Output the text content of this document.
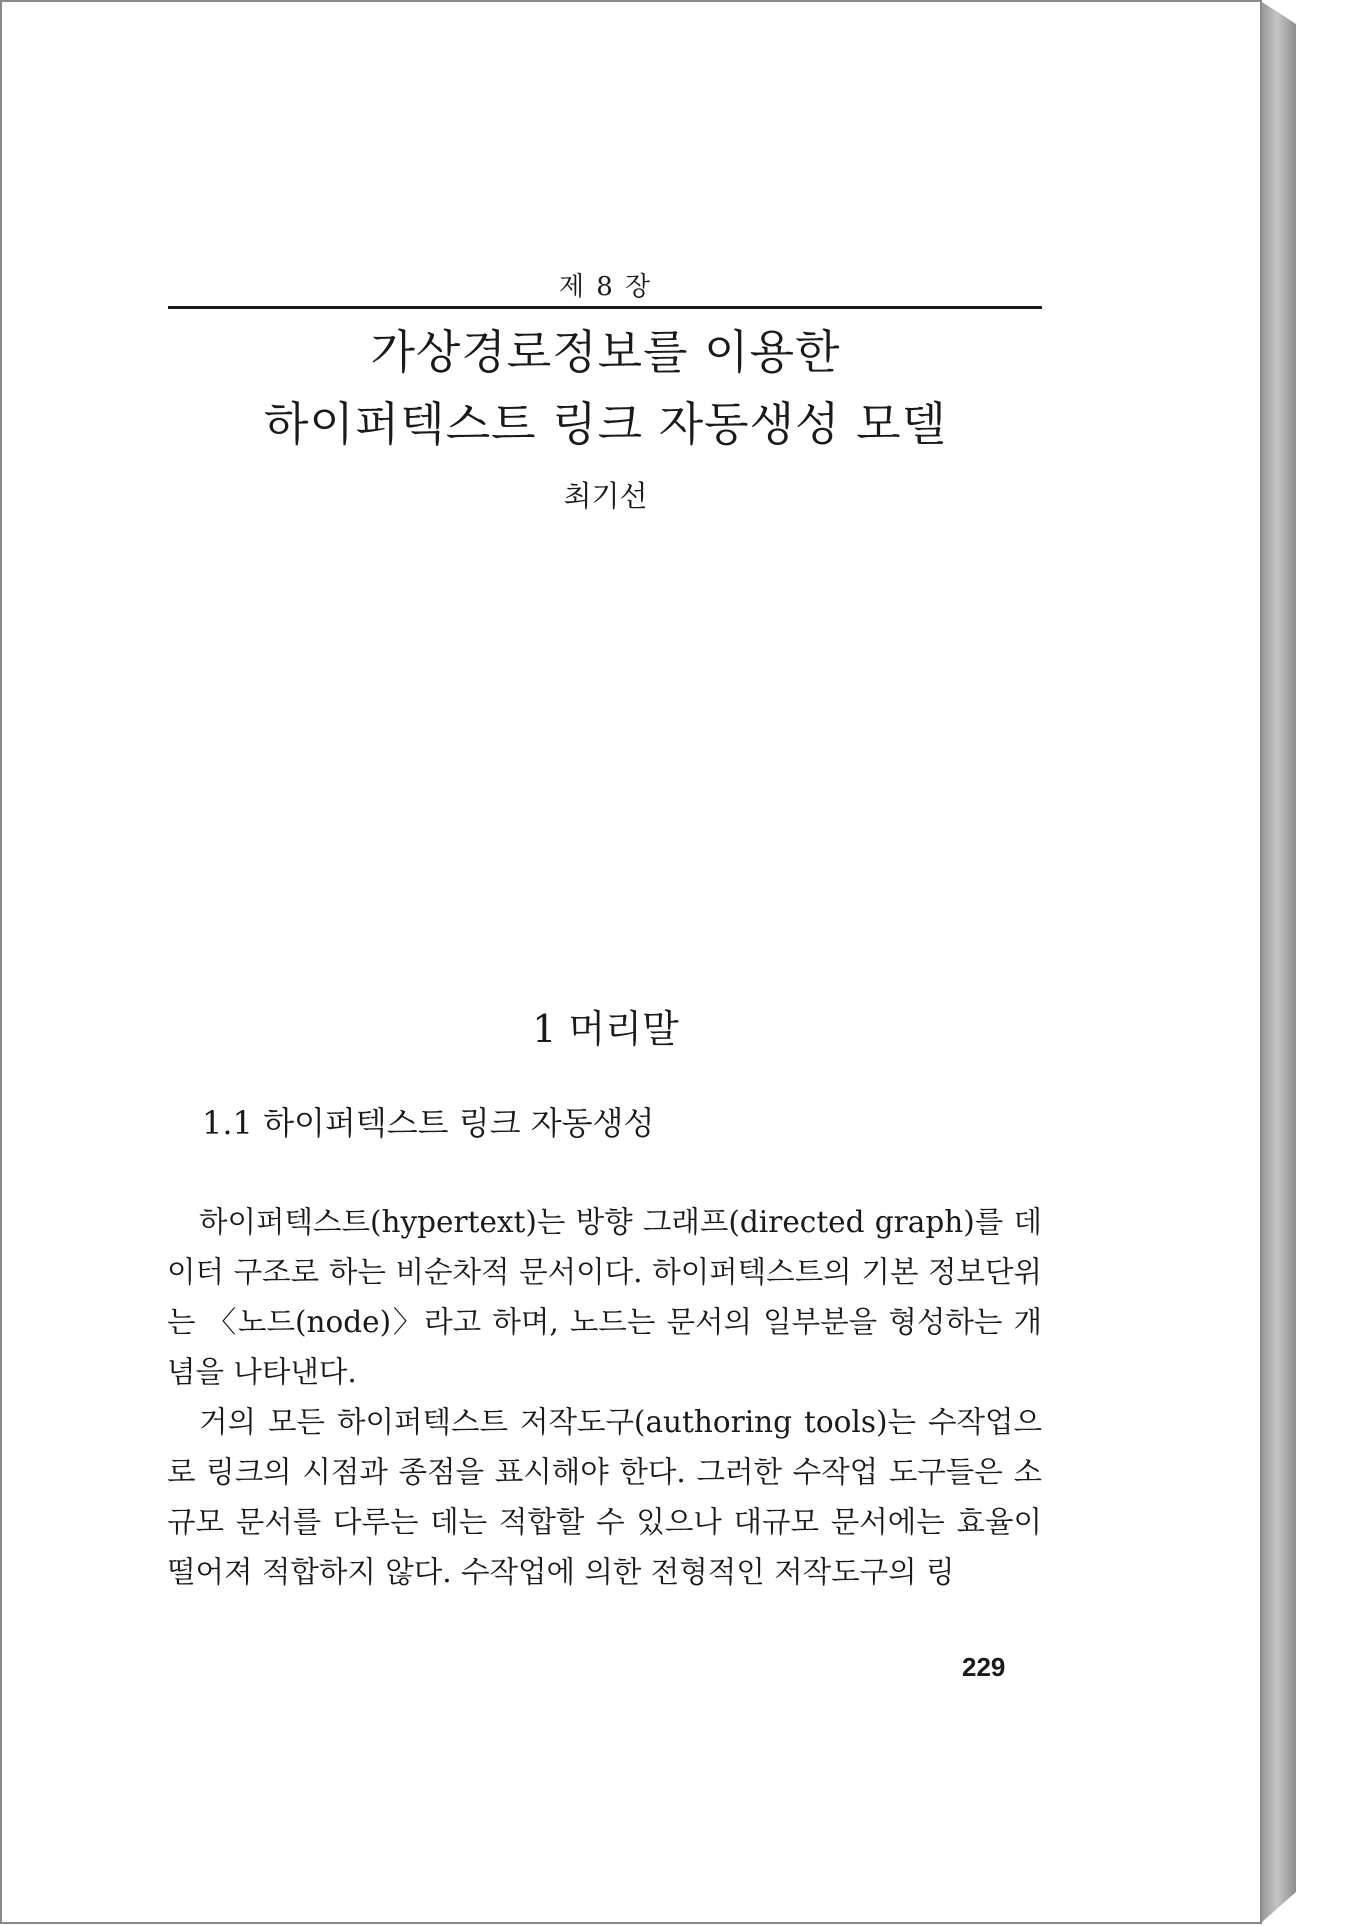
제 8 장
가상경로정보를 이용한
하이퍼텍스트 링크 자동생성 모델
최기선
1 머리말
1.1 하이퍼텍스트 링크 자동생성

하이퍼텍스트(hypertext)는 방향 그래프(directed graph)를 데이터 구조로 하는 비순차적 문서이다. 하이퍼텍스트의 기본 정보단위는 〈노드(node)〉라고 하며, 노드는 문서의 일부분을 형성하는 개념을 나타낸다.

거의 모든 하이퍼텍스트 저작도구(authoring tools)는 수작업으로 링크의 시점과 종점을 표시해야 한다. 그러한 수작업 도구들은 소규모 문서를 다루는 데는 적합할 수 있으나 대규모 문서에는 효율이 떨어져 적합하지 않다. 수작업에 의한 전형적인 저작도구의 링

229
